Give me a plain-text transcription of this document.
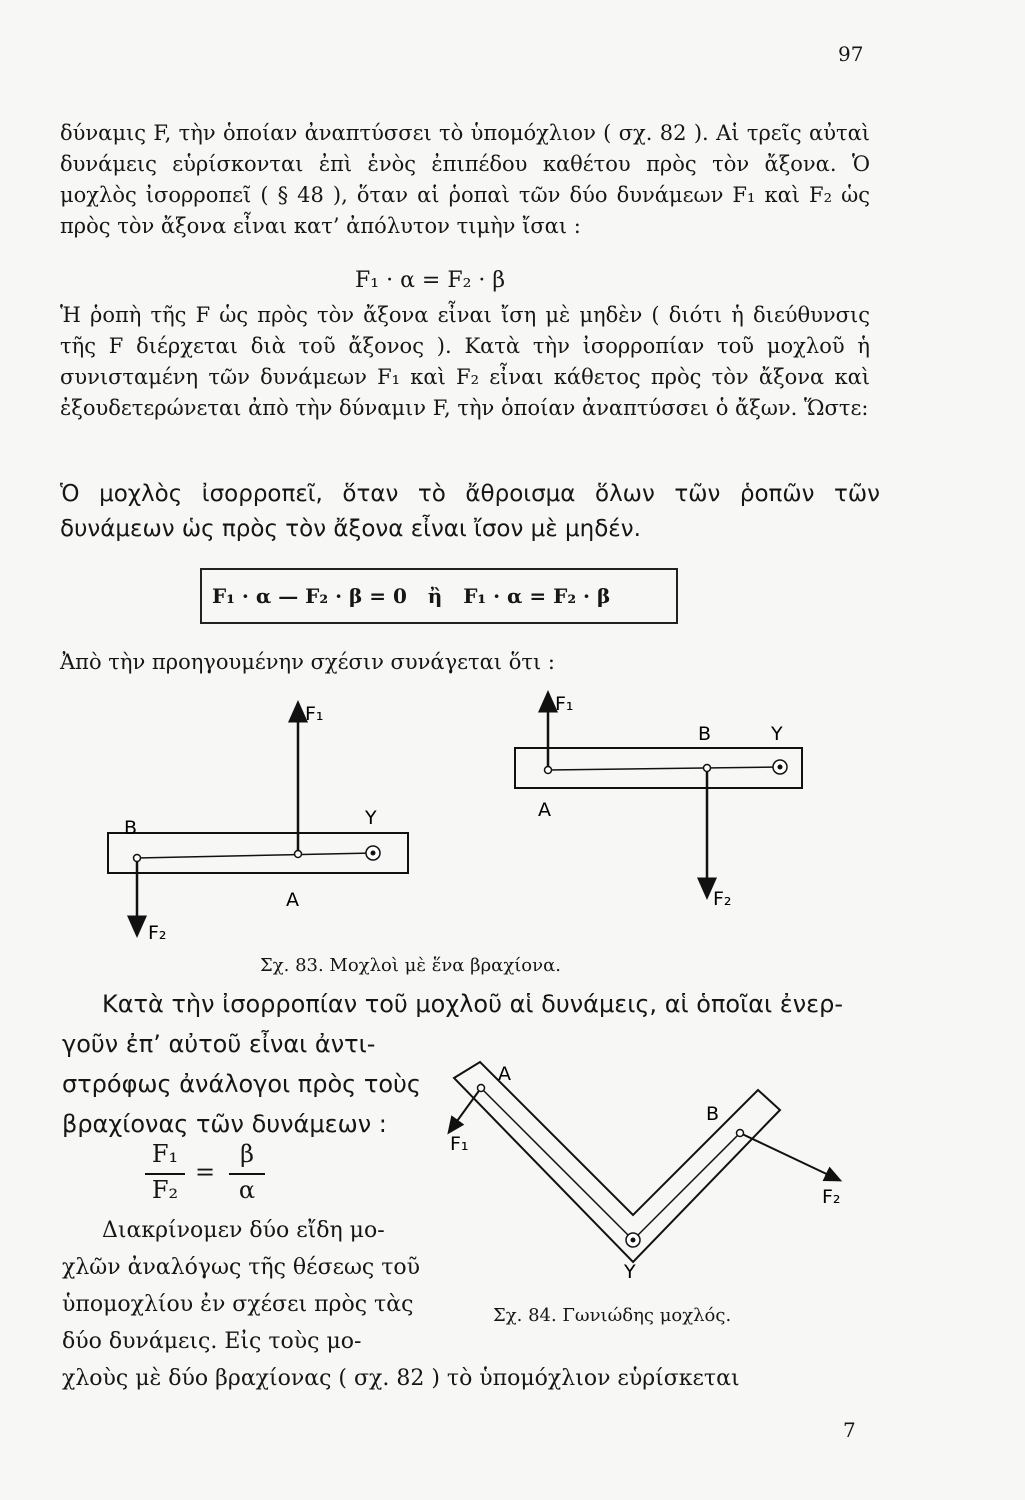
97
δύναμις F, τὴν ὁποίαν ἀναπτύσσει τὸ ὑπομόχλιον ( σχ. 82 ). Αἱ τρεῖς αὐταὶ δυνάμεις εὑρίσκονται ἐπὶ ἑνὸς ἐπιπέδου καθέτου πρὸς τὸν ἄξονα. Ὁ μοχλὸς ἰσορροπεῖ ( § 48 ), ὅταν αἱ ῥοπαὶ τῶν δύο δυνάμεων F₁ καὶ F₂ ὡς πρὸς τὸν ἄξονα εἶναι κατ’ ἀπόλυτον τιμὴν ἴσαι :
F₁ · α = F₂ · β
Ἡ ῥοπὴ τῆς F ὡς πρὸς τὸν ἄξονα εἶναι ἴση μὲ μηδὲν ( διότι ἡ διεύθυνσις τῆς F διέρχεται διὰ τοῦ ἄξονος ). Κατὰ τὴν ἰσορροπίαν τοῦ μοχλοῦ ἡ συνισταμένη τῶν δυνάμεων F₁ καὶ F₂ εἶναι κάθετος πρὸς τὸν ἄξονα καὶ ἐξουδετερώνεται ἀπὸ τὴν δύναμιν F, τὴν ὁποίαν ἀναπτύσσει ὁ ἄξων. Ὥστε:
Ὁ μοχλὸς ἰσορροπεῖ, ὅταν τὸ ἄθροισμα ὅλων τῶν ῥοπῶν τῶν δυνάμεων ὡς πρὸς τὸν ἄξονα εἶναι ἴσον μὲ μηδέν.
F₁ · α — F₂ · β = 0   ἢ   F₁ · α = F₂ · β
Ἀπὸ τὴν προηγουμένην σχέσιν συνάγεται ὅτι :
F₁
F₂
A
B	Y
F₁
F₂
A
B	Y
Σχ. 83. Μοχλοὶ μὲ ἕνα βραχίονα.
Κατὰ τὴν ἰσορροπίαν τοῦ μοχλοῦ αἱ δυνάμεις, αἱ ὁποῖαι ἐνερ-
γοῦν ἐπ’ αὐτοῦ εἶναι ἀντι-
στρόφως ἀνάλογοι πρὸς τοὺς
βραχίονας τῶν δυνάμεων :
F₁
F₂
=
β
α
Διακρίνομεν δύο εἴδη μο-
χλῶν ἀναλόγως τῆς θέσεως τοῦ
ὑπομοχλίου ἐν σχέσει πρὸς τὰς
δύο δυνάμεις. Εἰς τοὺς μο-
χλοὺς μὲ δύο βραχίονας ( σχ. 82 ) τὸ ὑπομόχλιον εὑρίσκεται
A
B
F₁
F₂
Y
Σχ. 84. Γωνιώδης μοχλός.
7
